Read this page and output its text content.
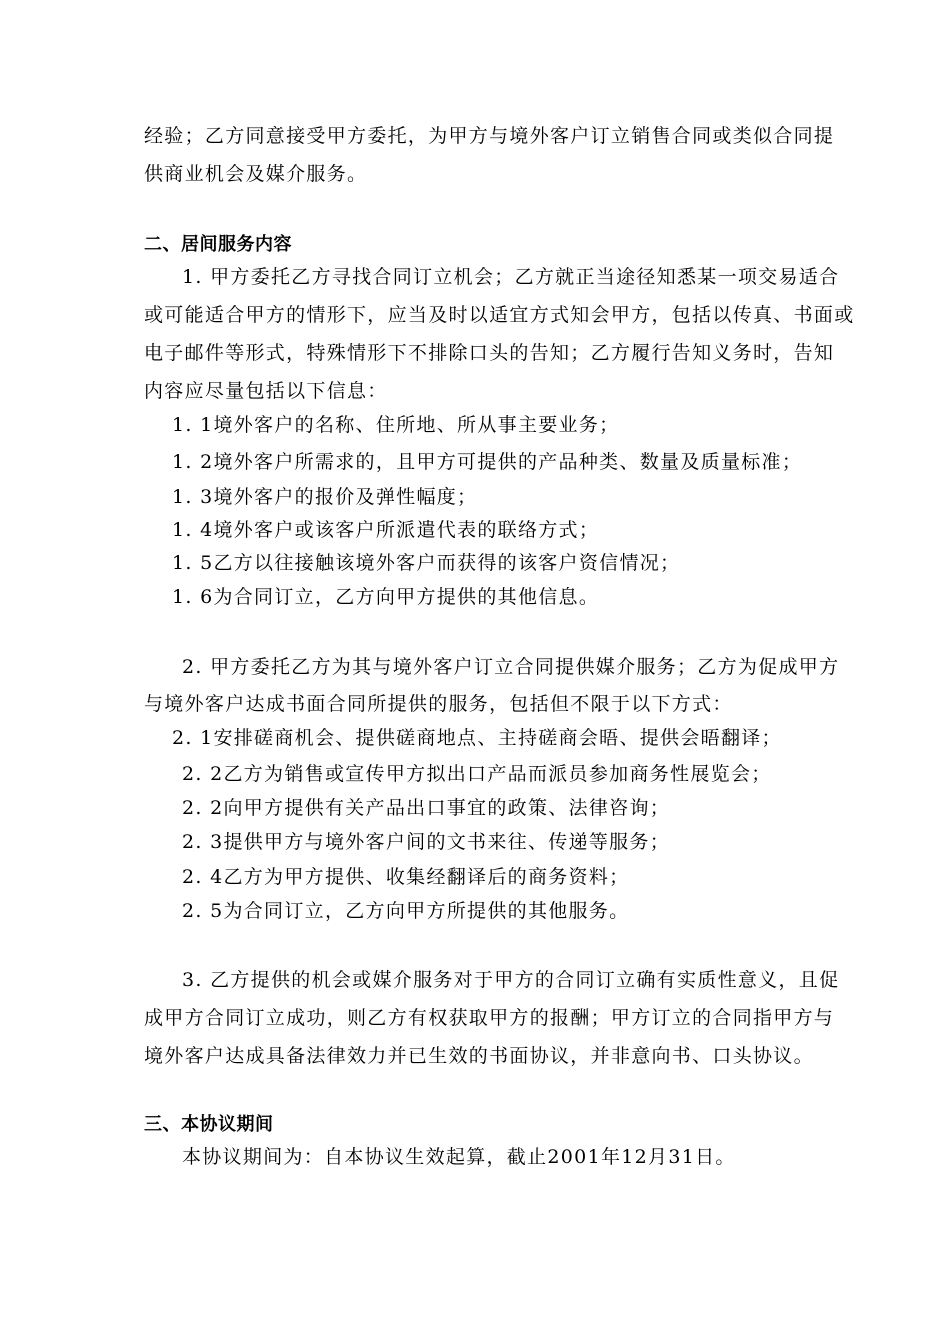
经验；乙方同意接受甲方委托，为甲方与境外客户订立销售合同或类似合同提
供商业机会及媒介服务。
二、居间服务内容
1. 甲方委托乙方寻找合同订立机会；乙方就正当途径知悉某一项交易适合
或可能适合甲方的情形下，应当及时以适宜方式知会甲方，包括以传真、书面或
电子邮件等形式，特殊情形下不排除口头的告知；乙方履行告知义务时，告知
内容应尽量包括以下信息：
1. 1境外客户的名称、住所地、所从事主要业务；
1. 2境外客户所需求的，且甲方可提供的产品种类、数量及质量标准；
1. 3境外客户的报价及弹性幅度；
1. 4境外客户或该客户所派遣代表的联络方式；
1. 5乙方以往接触该境外客户而获得的该客户资信情况；
1. 6为合同订立，乙方向甲方提供的其他信息。
2. 甲方委托乙方为其与境外客户订立合同提供媒介服务；乙方为促成甲方
与境外客户达成书面合同所提供的服务，包括但不限于以下方式：
2. 1安排磋商机会、提供磋商地点、主持磋商会晤、提供会晤翻译；
2. 2乙方为销售或宣传甲方拟出口产品而派员参加商务性展览会；
2. 2向甲方提供有关产品出口事宜的政策、法律咨询；
2. 3提供甲方与境外客户间的文书来往、传递等服务；
2. 4乙方为甲方提供、收集经翻译后的商务资料；
2. 5为合同订立，乙方向甲方所提供的其他服务。
3. 乙方提供的机会或媒介服务对于甲方的合同订立确有实质性意义，且促
成甲方合同订立成功，则乙方有权获取甲方的报酬；甲方订立的合同指甲方与
境外客户达成具备法律效力并已生效的书面协议，并非意向书、口头协议。
三、本协议期间
本协议期间为：自本协议生效起算，截止2001年12月31日。
